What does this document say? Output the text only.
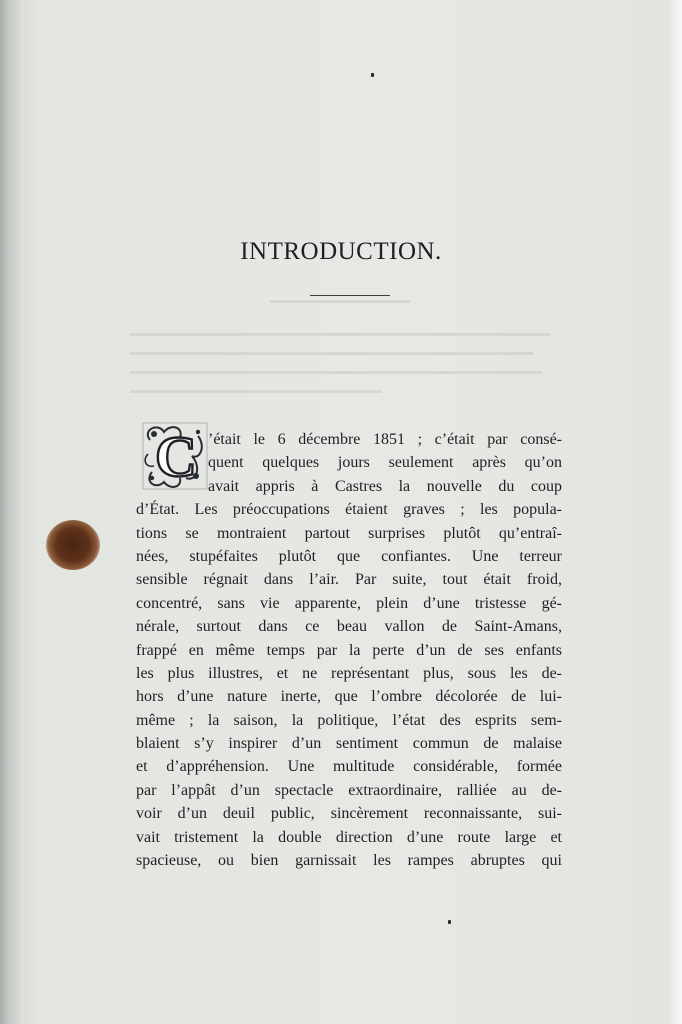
INTRODUCTION.
C ’était le 6 décembre 1851 ; c’était par consé-
quent quelques jours seulement après qu’on
avait appris à Castres la nouvelle du coup
d’État. Les préoccupations étaient graves ; les popula-
tions se montraient partout surprises plutôt qu’entraî-
nées, stupéfaites plutôt que confiantes. Une terreur
sensible régnait dans l’air. Par suite, tout était froid,
concentré, sans vie apparente, plein d’une tristesse gé-
nérale, surtout dans ce beau vallon de Saint-Amans,
frappé en même temps par la perte d’un de ses enfants
les plus illustres, et ne représentant plus, sous les de-
hors d’une nature inerte, que l’ombre décolorée de lui-
même ; la saison, la politique, l’état des esprits sem-
blaient s’y inspirer d’un sentiment commun de malaise
et d’appréhension. Une multitude considérable, formée
par l’appât d’un spectacle extraordinaire, ralliée au de-
voir d’un deuil public, sincèrement reconnaissante, sui-
vait tristement la double direction d’une route large et
spacieuse, ou bien garnissait les rampes abruptes qui
